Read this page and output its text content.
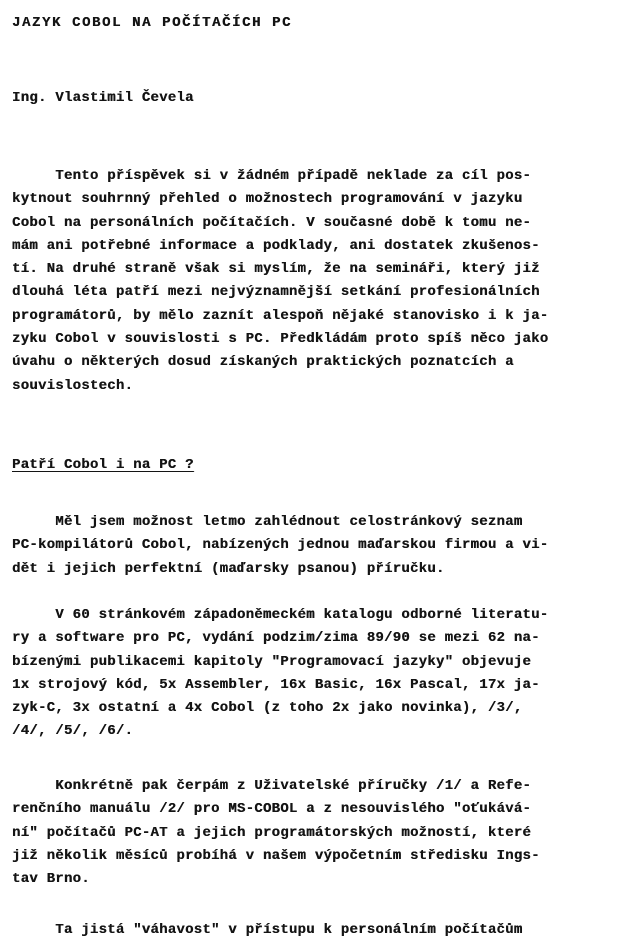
JAZYK COBOL NA POČÍTAČÍCH PC

Ing. Vlastimil Čevela

Tento příspěvek si v žádném případě neklade za cíl pos-
kytnout souhrnný přehled o možnostech programování v jazyku
Cobol na personálních počítačích. V současné době k tomu ne-
mám ani potřebné informace a podklady, ani dostatek zkušenos-
tí. Na druhé straně však si myslím, že na semináři, který již
dlouhá léta patří mezi nejvýznamnější setkání profesionálních
programátorů, by mělo zaznít alespoň nějaké stanovisko i k ja-
zyku Cobol v souvislosti s PC. Předkládám proto spíš něco jako
úvahu o některých dosud získaných praktických poznatcích a
souvislostech.

Patří Cobol i na PC ?

Měl jsem možnost letmo zahlédnout celostránkový seznam
PC-kompilátorů Cobol, nabízených jednou maďarskou firmou a vi-
dět i jejich perfektní (maďarsky psanou) příručku.
V 60 stránkovém západoněmeckém katalogu odborné literatu-
ry a software pro PC, vydání podzim/zima 89/90 se mezi 62 na-
bízenými publikacemi kapitoly "Programovací jazyky" objevuje
1x strojový kód, 5x Assembler, 16x Basic, 16x Pascal, 17x ja-
zyk-C, 3x ostatní a 4x Cobol (z toho 2x jako novinka), /3/,
/4/, /5/, /6/.
Konkrétně pak čerpám z Uživatelské příručky /1/ a Refe-
renčního manuálu /2/ pro MS-COBOL a z nesouvislého "oťukává-
ní" počítačů PC-AT a jejich programátorských možností, které
již několik měsíců probíhá v našem výpočetním středisku Ings-
tav Brno.
Ta jistá "váhavost" v přístupu k personálním počítačům
